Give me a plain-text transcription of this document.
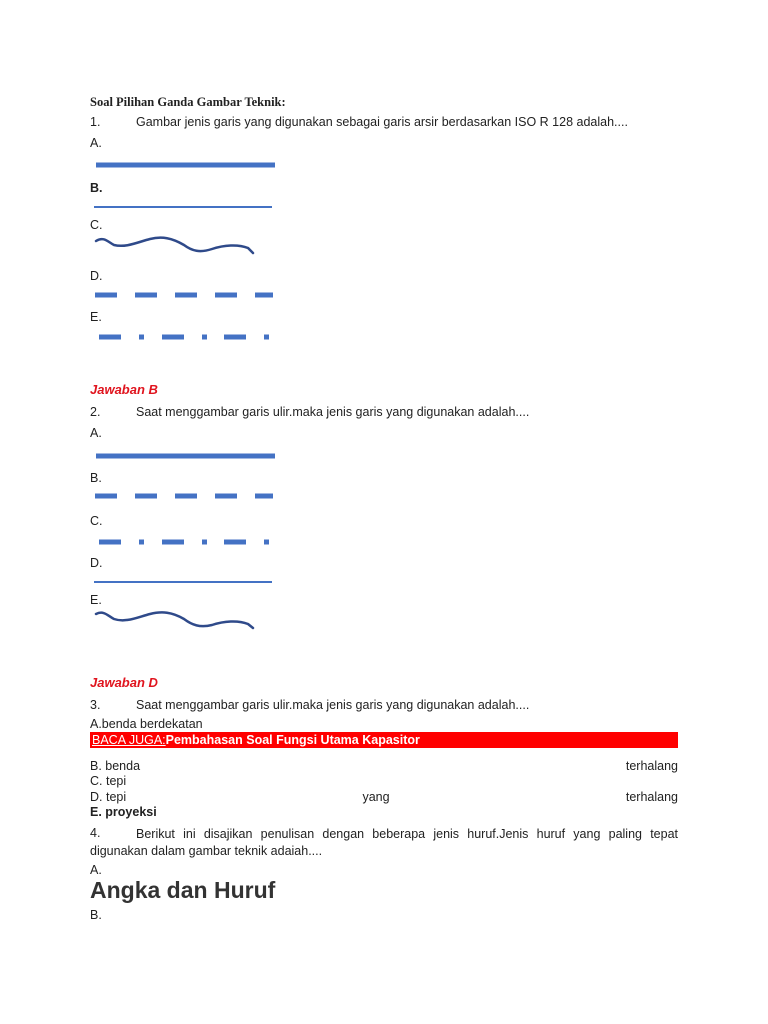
Soal Pilihan Ganda Gambar Teknik:
1.	Gambar jenis garis yang digunakan sebagai garis arsir berdasarkan ISO R 128 adalah....
A.
B.
C.
D.
E.
Jawaban B
2.	Saat menggambar garis ulir.maka jenis garis yang digunakan adalah....
A.
B.
C.
D.
E.
Jawaban D
3.	Saat menggambar garis ulir.maka jenis garis yang digunakan adalah....
A.benda berdekatan
BACA JUGA:Pembahasan Soal Fungsi Utama Kapasitor
B. benda	terhalang
C. tepi
D. tepi	yang	terhalang
E. proyeksi
4.	Berikut ini disajikan penulisan dengan beberapa jenis huruf.Jenis huruf yang paling tepat digunakan dalam gambar teknik adaiah....
A.
Angka dan Huruf
B.
